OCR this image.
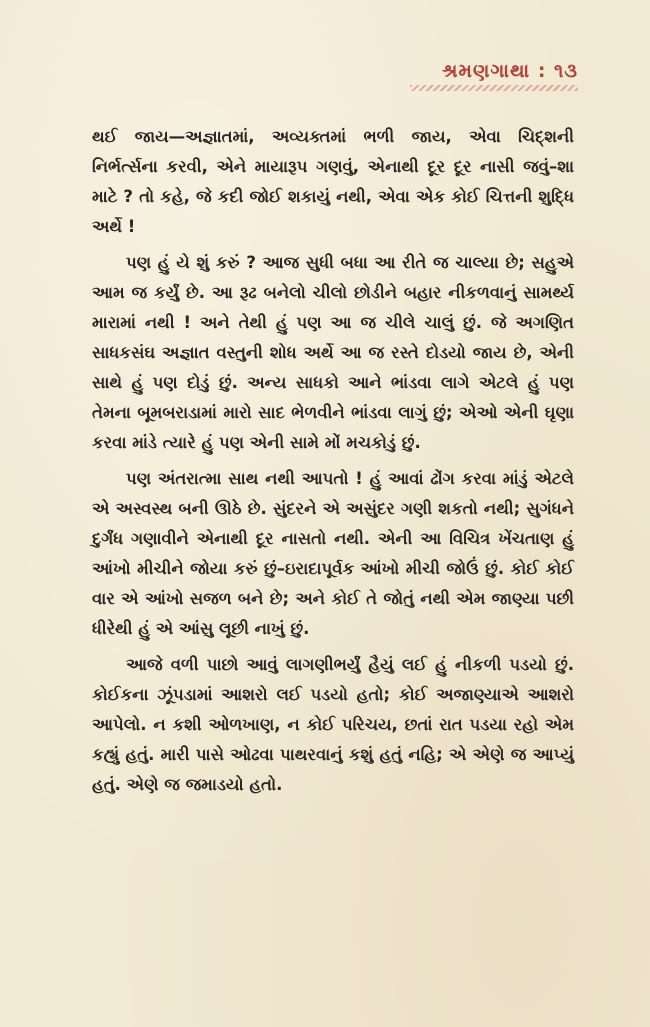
શ્રમણગાથા : ૧૩

થઈ જાય—અજ્ઞાતમાં, અવ્યક્તમાં ભળી જાય, એવા ચિદ્શની નિર્ભર્ત્સના કરવી, એને માયારૂપ ગણવું, એનાથી દૂર દૂર નાસી જવું–શા માટે ? તો કહે, જે કદી જોઈ શકાયું નથી, એવા એક કોઈ ચિત્તની શુદ્ધિ અર્થે !

પણ હું યે શું કરું ? આજ સુધી બધા આ રીતે જ ચાલ્યા છે; સહુએ આમ જ કર્યું છે. આ રૂઢ બનેલો ચીલો છોડીને બહાર નીકળવાનું સામર્થ્ય મારામાં નથી ! અને તેથી હું પણ આ જ ચીલે ચાલું છું. જે અગણિત સાધકસંઘ અજ્ઞાત વસ્તુની શોધ અર્થે આ જ રસ્તે દોડયો જાય છે, એની સાથે હું પણ દોડું છું. અન્ય સાધકો આને ભાંડવા લાગે એટલે હું પણ તેમના બૂમબરાડામાં મારો સાદ ભેળવીને ભાંડવા લાગું છું; એઓ એની ઘૃણા કરવા માંડે ત્યારે હું પણ એની સામે મોં મચકોડું છું.

પણ અંતરાત્મા સાથ નથી આપતો ! હું આવાં ઢોંગ કરવા માંડું એટલે એ અસ્વસ્થ બની ઊઠે છે. સુંદરને એ અસુંદર ગણી શકતો નથી; સુગંધને દુર્ગંધ ગણાવીને એનાથી દૂર નાસતો નથી. એની આ વિચિત્ર ખેંચતાણ હું આંખો મીચીને જોયા કરું છું–ઇરાદાપૂર્વક આંખો મીચી જોઉં છું. કોઈ કોઈ વાર એ આંખો સજળ બને છે; અને કોઈ તે જોતું નથી એમ જાણ્યા પછી ધીરેથી હું એ આંસુ લૂછી નાખું છું.

આજે વળી પાછો આવું લાગણીભર્યું હૈયું લઈ હું નીકળી પડયો છું. કોઈકના ઝૂંપડામાં આશરો લઈ પડયો હતો; કોઈ અજાણ્યાએ આશરો આપેલો. ન કશી ઓળખાણ, ન કોઈ પરિચય, છતાં રાત પડયા રહો એમ કહ્યું હતું. મારી પાસે ઓઢવા પાથરવાનું કશું હતું નહિ; એ એણે જ આપ્યું હતું. એણે જ જમાડયો હતો.
